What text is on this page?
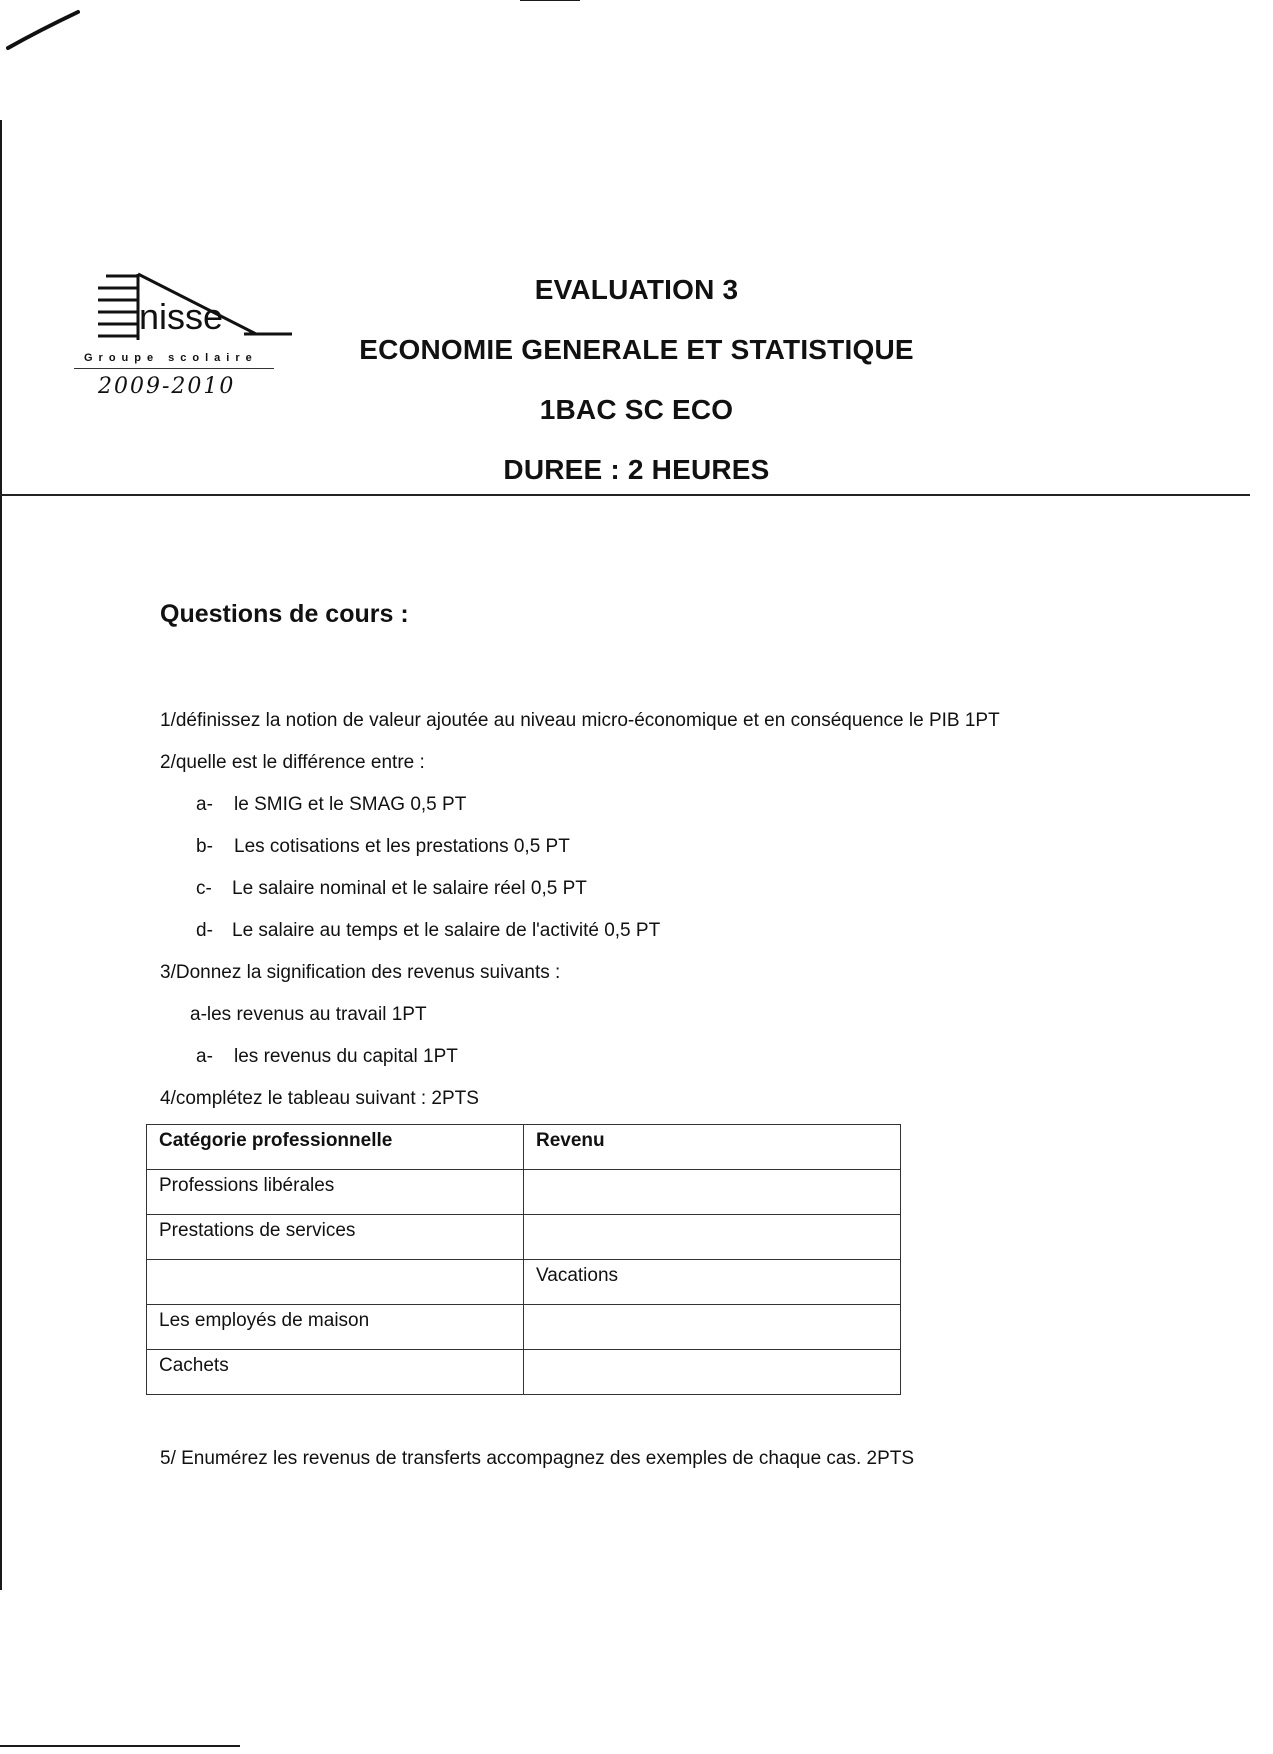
nisse
Groupe scolaire
2009-2010
EVALUATION 3
ECONOMIE GENERALE ET STATISTIQUE
1BAC SC ECO
DUREE : 2 HEURES
Questions de cours :
1/définissez la notion de valeur ajoutée au niveau micro-économique et en conséquence le PIB 1PT
2/quelle est le différence entre :
a- le SMIG et le SMAG 0,5 PT
b- Les cotisations et les prestations 0,5 PT
c- Le salaire nominal et le salaire réel 0,5 PT
d- Le salaire au temps et le salaire de l'activité 0,5 PT
3/Donnez la signification des revenus suivants :
a-les revenus au travail 1PT
a- les revenus du capital 1PT
4/complétez le tableau suivant : 2PTS
Catégorie professionnelle	Revenu
Professions libérales	
Prestations de services	
	Vacations
Les employés de maison	
Cachets	
5/ Enumérez les revenus de transferts accompagnez des exemples de chaque cas. 2PTS
